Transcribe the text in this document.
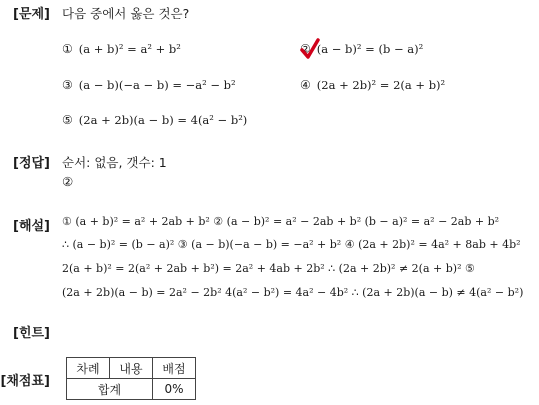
[문제] 다음 중에서 옳은 것은?
① (a + b)² = a² + b²	② (a − b)² = (b − a)²
③ (a − b)(−a − b) = −a² − b²	④ (2a + 2b)² = 2(a + b)²
⑤ (2a + 2b)(a − b) = 4(a² − b²)
[정답] 순서: 없음, 갯수: 1
②
[해설] ① (a + b)² = a² + 2ab + b² ② (a − b)² = a² − 2ab + b² (b − a)² = a² − 2ab + b²
∴ (a − b)² = (b − a)² ③ (a − b)(−a − b) = −a² + b² ④ (2a + 2b)² = 4a² + 8ab + 4b²
2(a + b)² = 2(a² + 2ab + b²) = 2a² + 4ab + 2b² ∴ (2a + 2b)² ≠ 2(a + b)² ⑤
(2a + 2b)(a − b) = 2a² − 2b² 4(a² − b²) = 4a² − 4b² ∴ (2a + 2b)(a − b) ≠ 4(a² − b²)
[힌트]
[채점표]
차례	내용	배점
합계		0%
